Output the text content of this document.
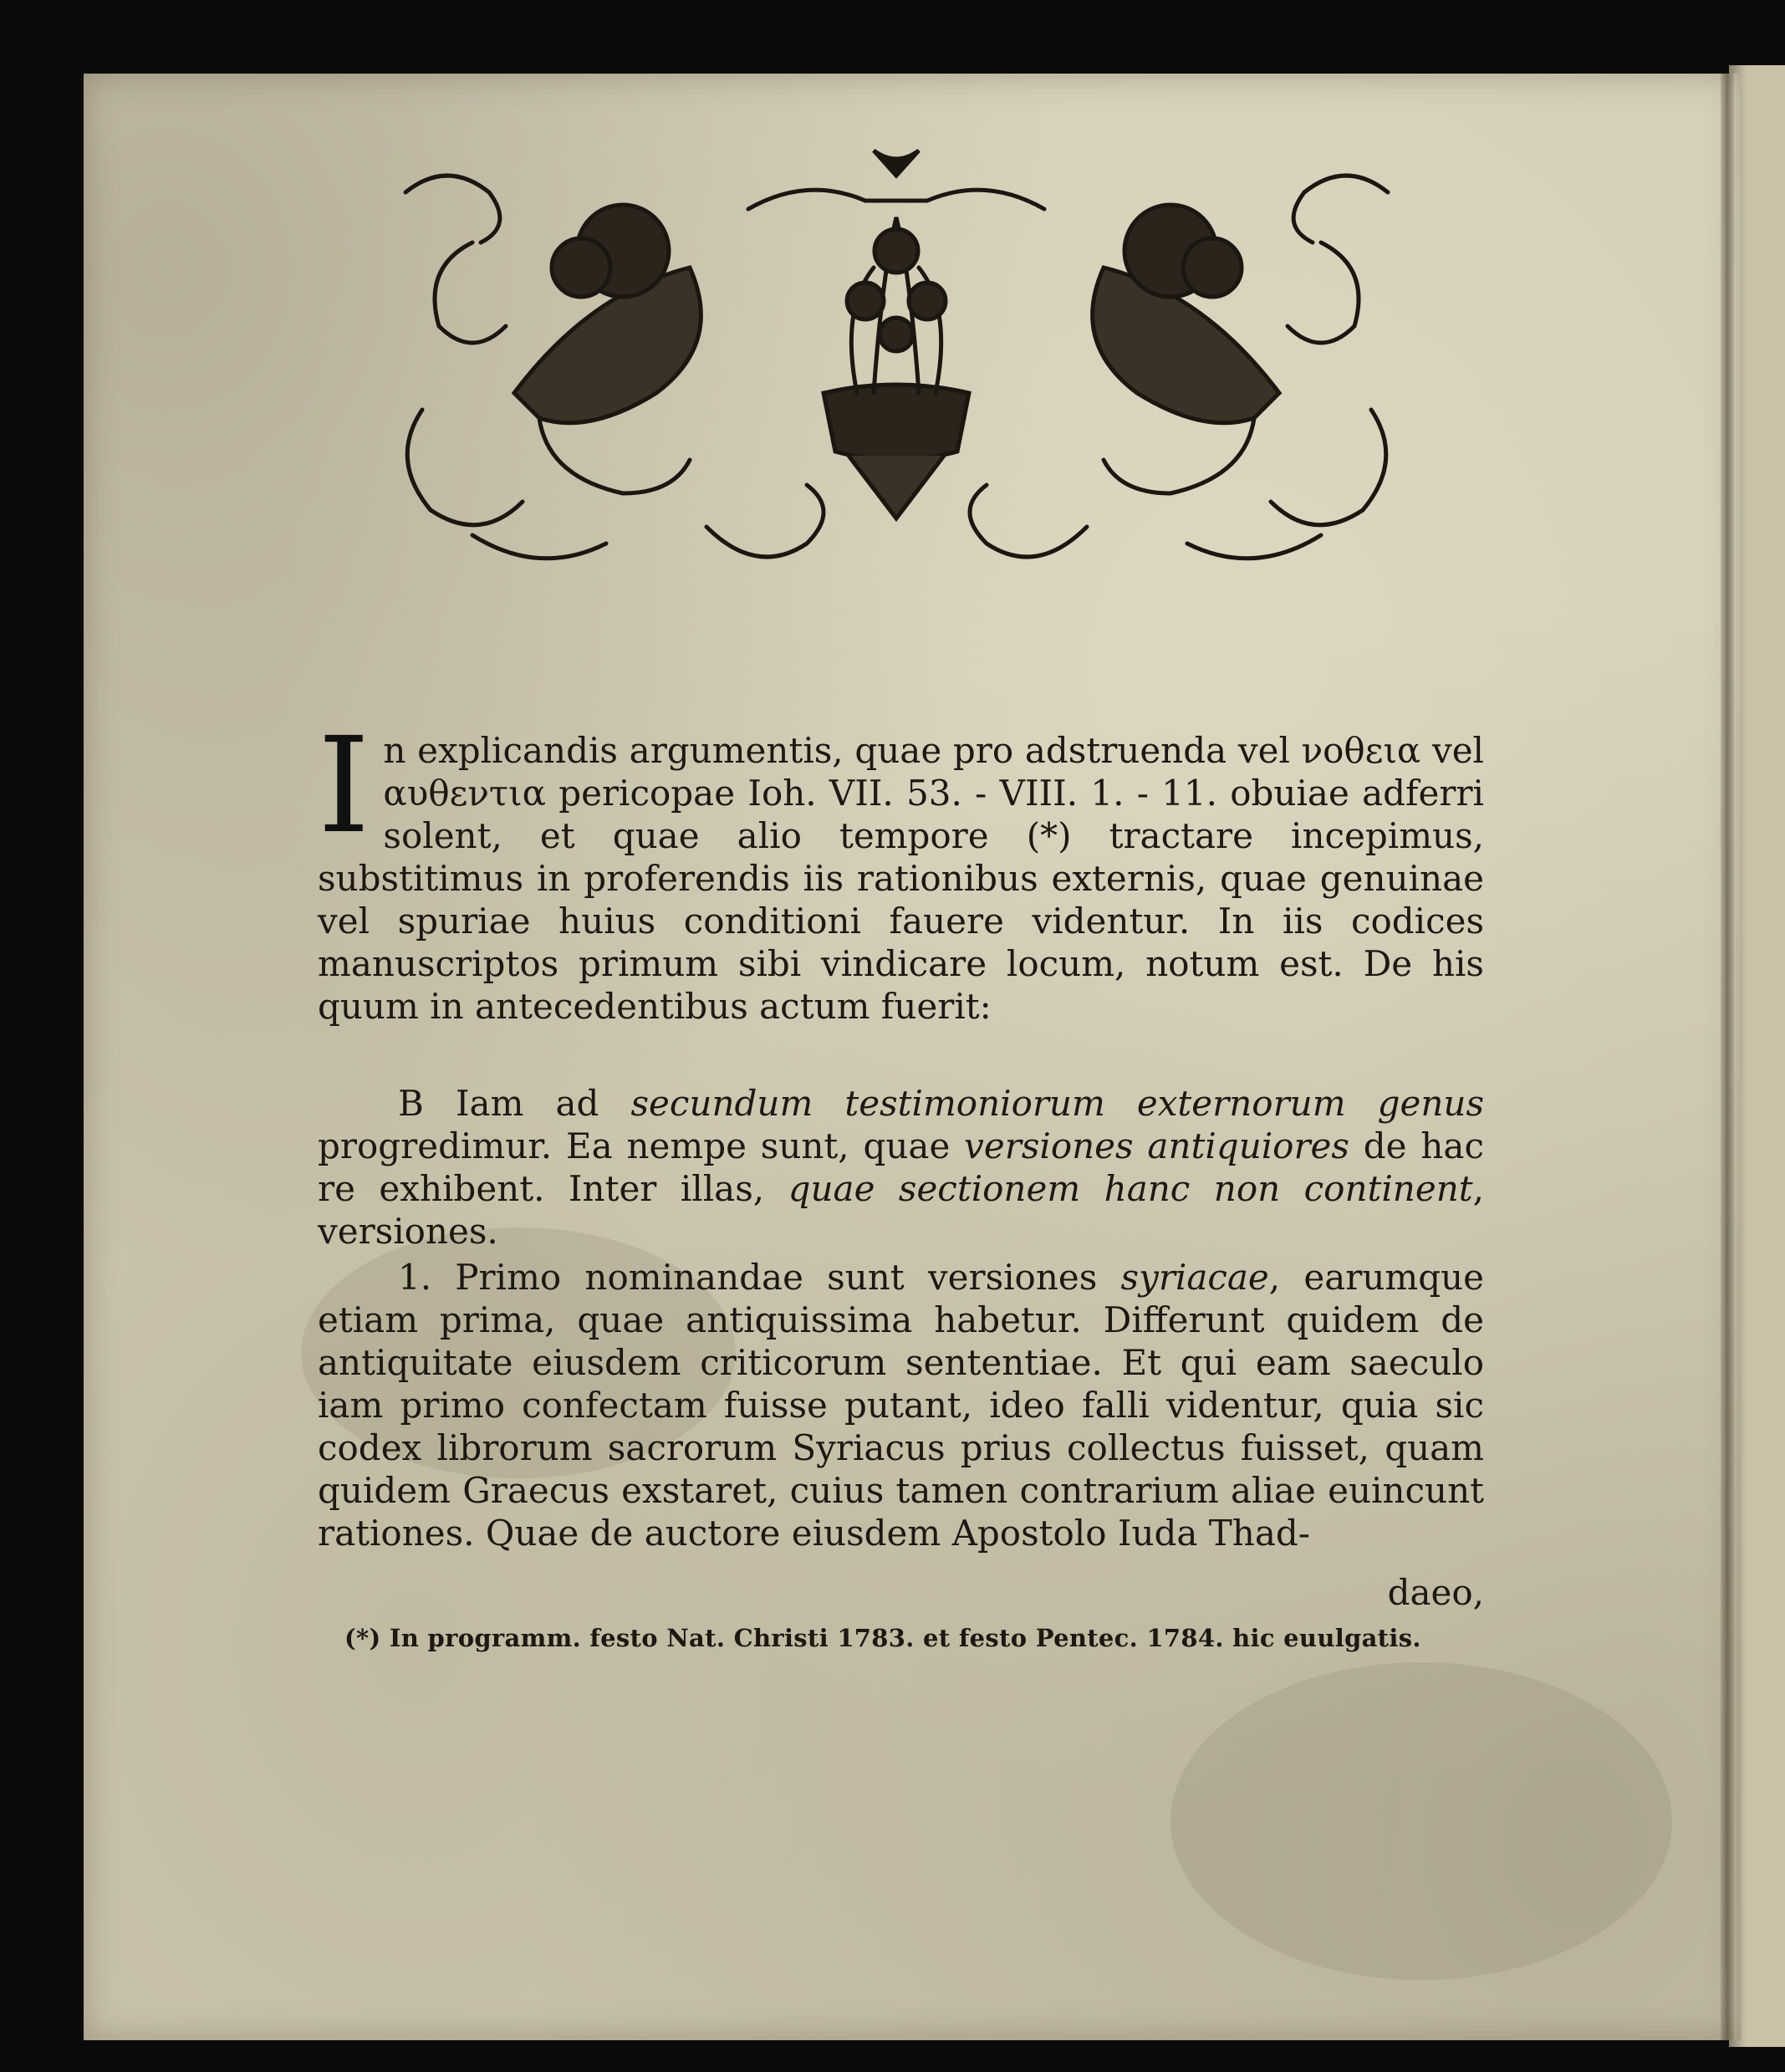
In explicandis argumentis, quae pro adstruenda vel νοθεια vel αυθεντια pericopae Ioh. VII. 53. - VIII. 1. - 11. obuiae adferri solent, et quae alio tempore (*) tractare incepimus, substitimus in proferendis iis rationibus externis, quae genuinae vel spuriae huius conditioni fauere videntur. In iis codices manuscriptos primum sibi vindicare locum, notum est. De his quum in antecedentibus actum fuerit:
B Iam ad secundum testimoniorum externorum genus progredimur. Ea nempe sunt, quae versiones antiquiores de hac re exhibent. Inter illas, quae sectionem hanc non continent, versiones.
1. Primo nominandae sunt versiones syriacae, earumque etiam prima, quae antiquissima habetur. Differunt quidem de antiquitate eiusdem criticorum sententiae. Et qui eam saeculo iam primo confectam fuisse putant, ideo falli videntur, quia sic codex librorum sacrorum Syriacus prius collectus fuisset, quam quidem Graecus exstaret, cuius tamen contrarium aliae euincunt rationes. Quae de auctore eiusdem Apostolo Iuda Thad-
daeo,
(*) In programm. festo Nat. Christi 1783. et festo Pentec. 1784. hic euulgatis.
